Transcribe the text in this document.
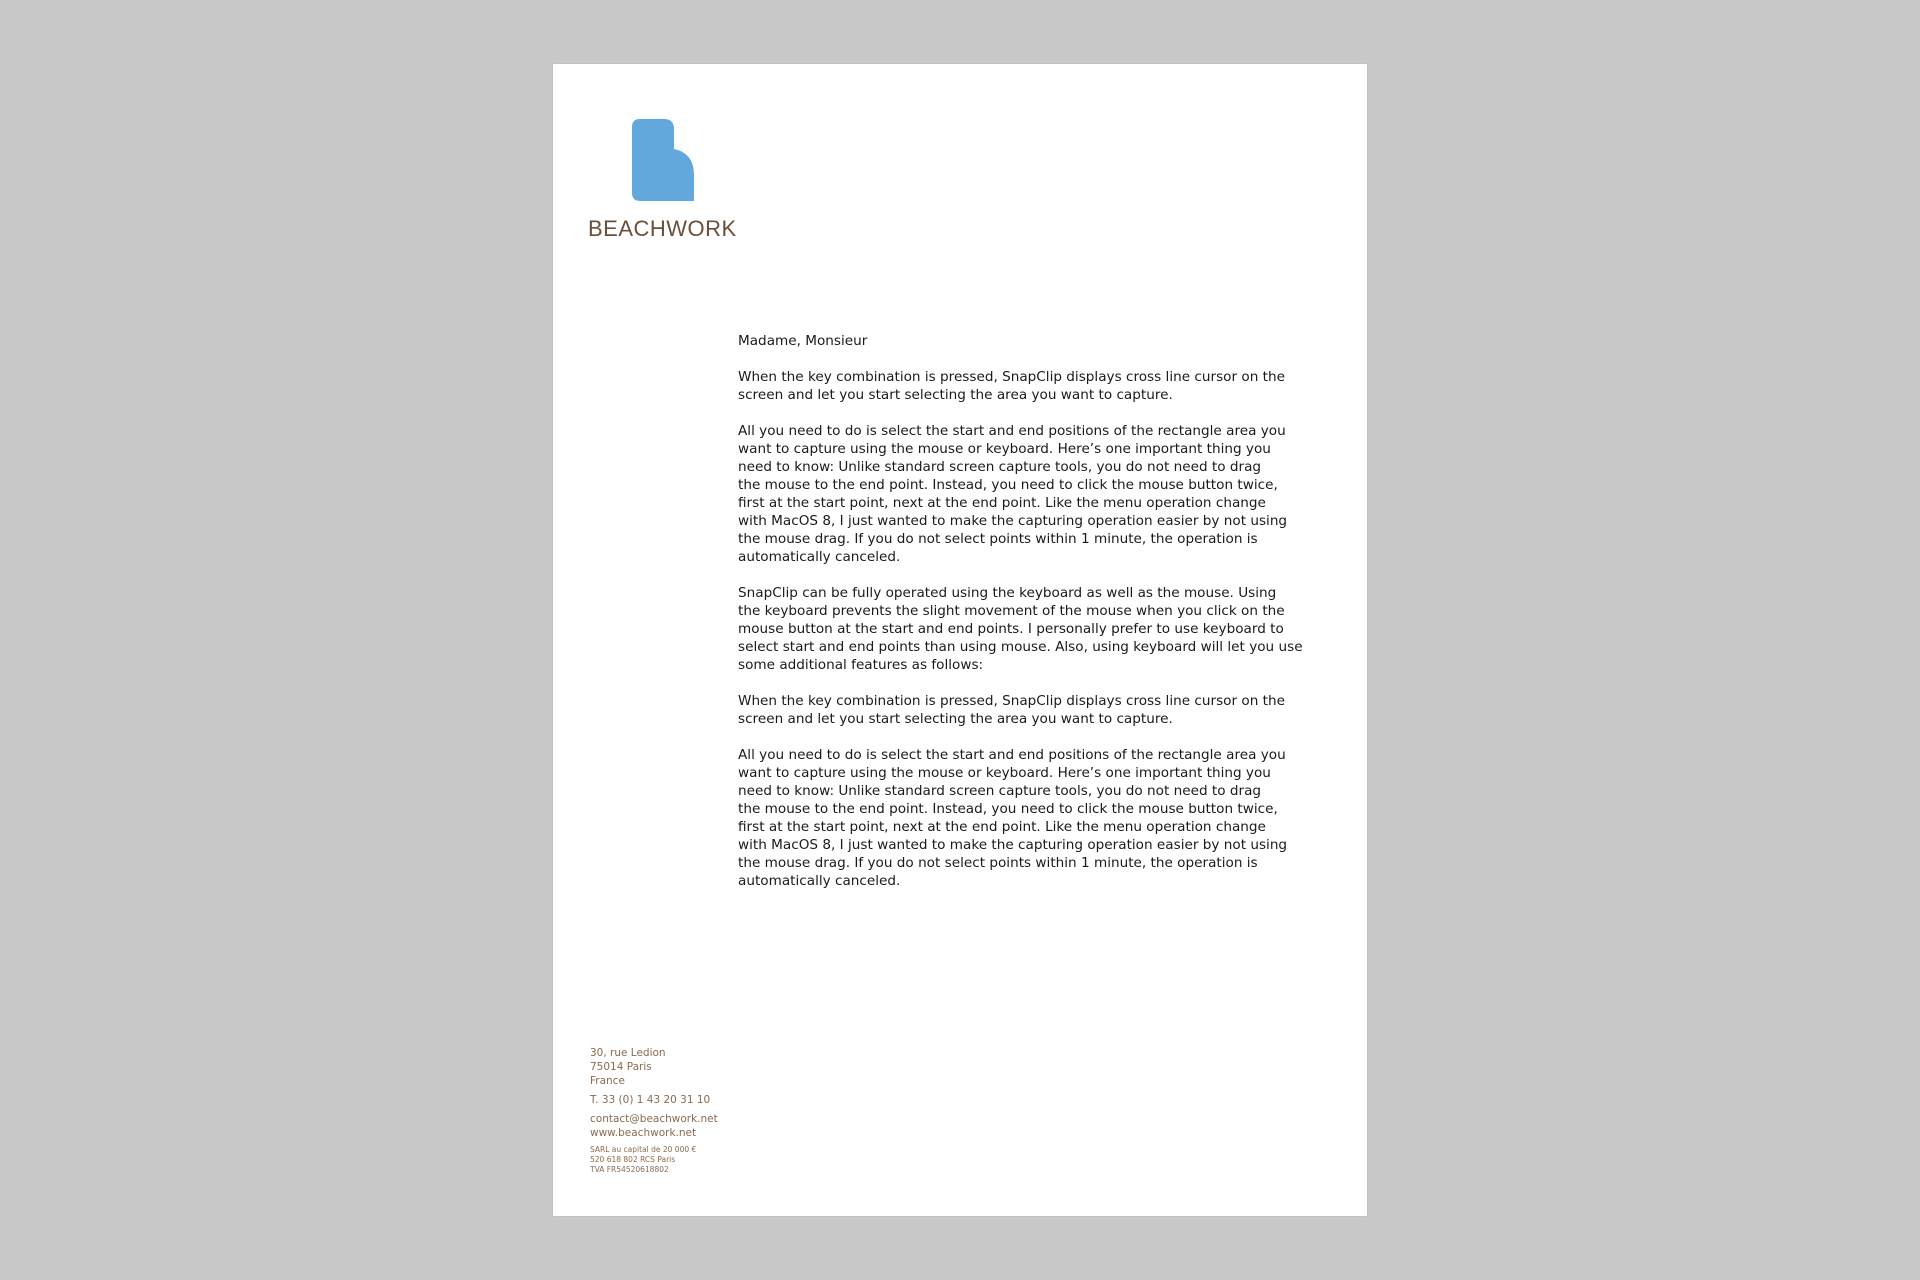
BEACHWORK

Madame, Monsieur

When the key combination is pressed, SnapClip displays cross line cursor on the
screen and let you start selecting the area you want to capture.

All you need to do is select the start and end positions of the rectangle area you
want to capture using the mouse or keyboard. Here’s one important thing you
need to know: Unlike standard screen capture tools, you do not need to drag
the mouse to the end point. Instead, you need to click the mouse button twice,
first at the start point, next at the end point. Like the menu operation change
with MacOS 8, I just wanted to make the capturing operation easier by not using
the mouse drag. If you do not select points within 1 minute, the operation is
automatically canceled.

SnapClip can be fully operated using the keyboard as well as the mouse. Using
the keyboard prevents the slight movement of the mouse when you click on the
mouse button at the start and end points. I personally prefer to use keyboard to
select start and end points than using mouse. Also, using keyboard will let you use
some additional features as follows:

When the key combination is pressed, SnapClip displays cross line cursor on the
screen and let you start selecting the area you want to capture.

All you need to do is select the start and end positions of the rectangle area you
want to capture using the mouse or keyboard. Here’s one important thing you
need to know: Unlike standard screen capture tools, you do not need to drag
the mouse to the end point. Instead, you need to click the mouse button twice,
first at the start point, next at the end point. Like the menu operation change
with MacOS 8, I just wanted to make the capturing operation easier by not using
the mouse drag. If you do not select points within 1 minute, the operation is
automatically canceled.

30, rue Ledion
75014 Paris
France
T. 33 (0) 1 43 20 31 10
contact@beachwork.net
www.beachwork.net
SARL au capital de 20 000 €
520 618 802 RCS Paris
TVA FR54520618802
